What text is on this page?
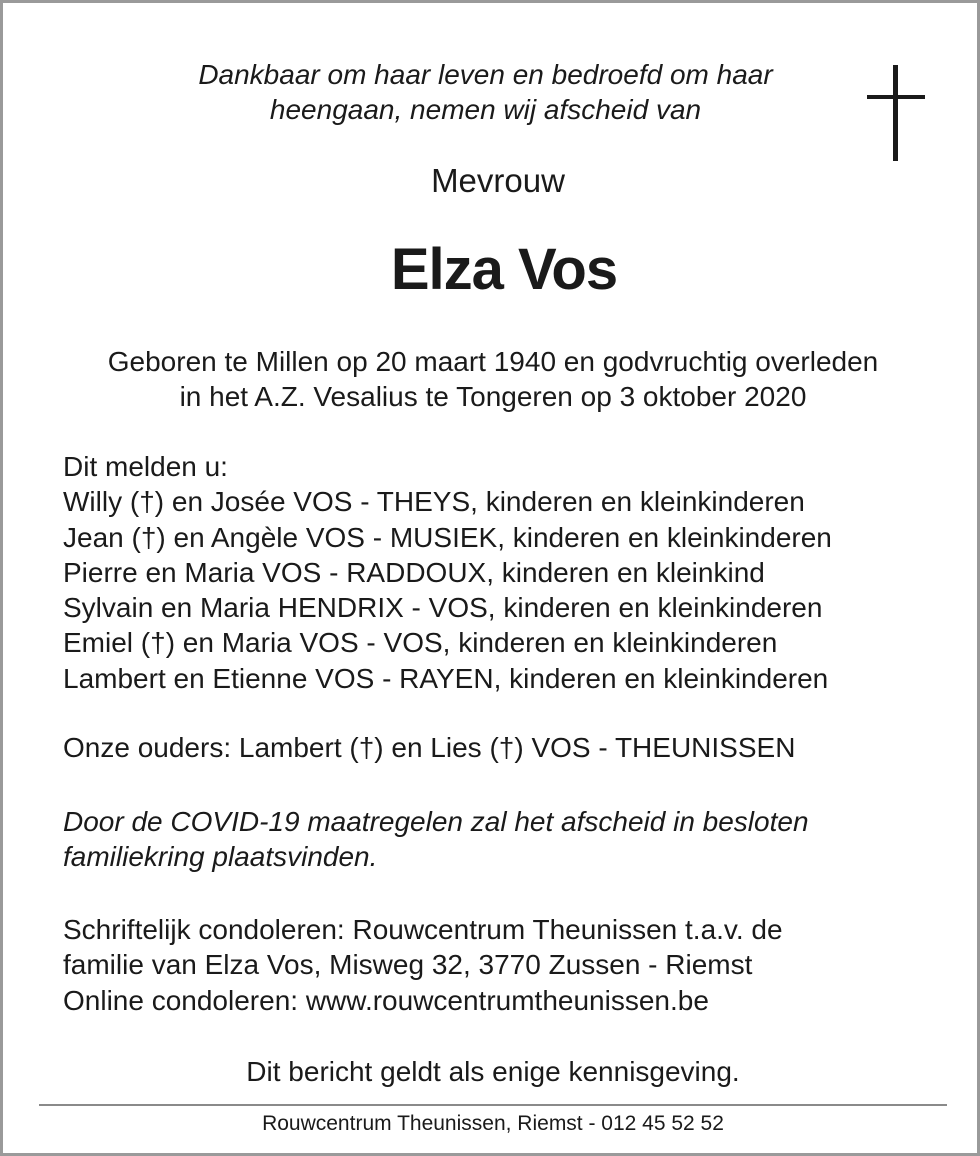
Dankbaar om haar leven en bedroefd om haar
heengaan, nemen wij afscheid van
Mevrouw
Elza Vos
Geboren te Millen op 20 maart 1940 en godvruchtig overleden
in het A.Z. Vesalius te Tongeren op 3 oktober 2020
Dit melden u:
Willy (†) en Josée VOS - THEYS, kinderen en kleinkinderen
Jean (†) en Angèle VOS - MUSIEK, kinderen en kleinkinderen
Pierre en Maria VOS - RADDOUX, kinderen en kleinkind
Sylvain en Maria HENDRIX - VOS, kinderen en kleinkinderen
Emiel (†) en Maria VOS - VOS, kinderen en kleinkinderen
Lambert en Etienne VOS - RAYEN, kinderen en kleinkinderen
Onze ouders: Lambert (†) en Lies (†) VOS - THEUNISSEN
Door de COVID-19 maatregelen zal het afscheid in besloten
familiekring plaatsvinden.
Schriftelijk condoleren: Rouwcentrum Theunissen t.a.v. de
familie van Elza Vos, Misweg 32, 3770 Zussen - Riemst
Online condoleren: www.rouwcentrumtheunissen.be
Dit bericht geldt als enige kennisgeving.
Rouwcentrum Theunissen, Riemst - 012 45 52 52
